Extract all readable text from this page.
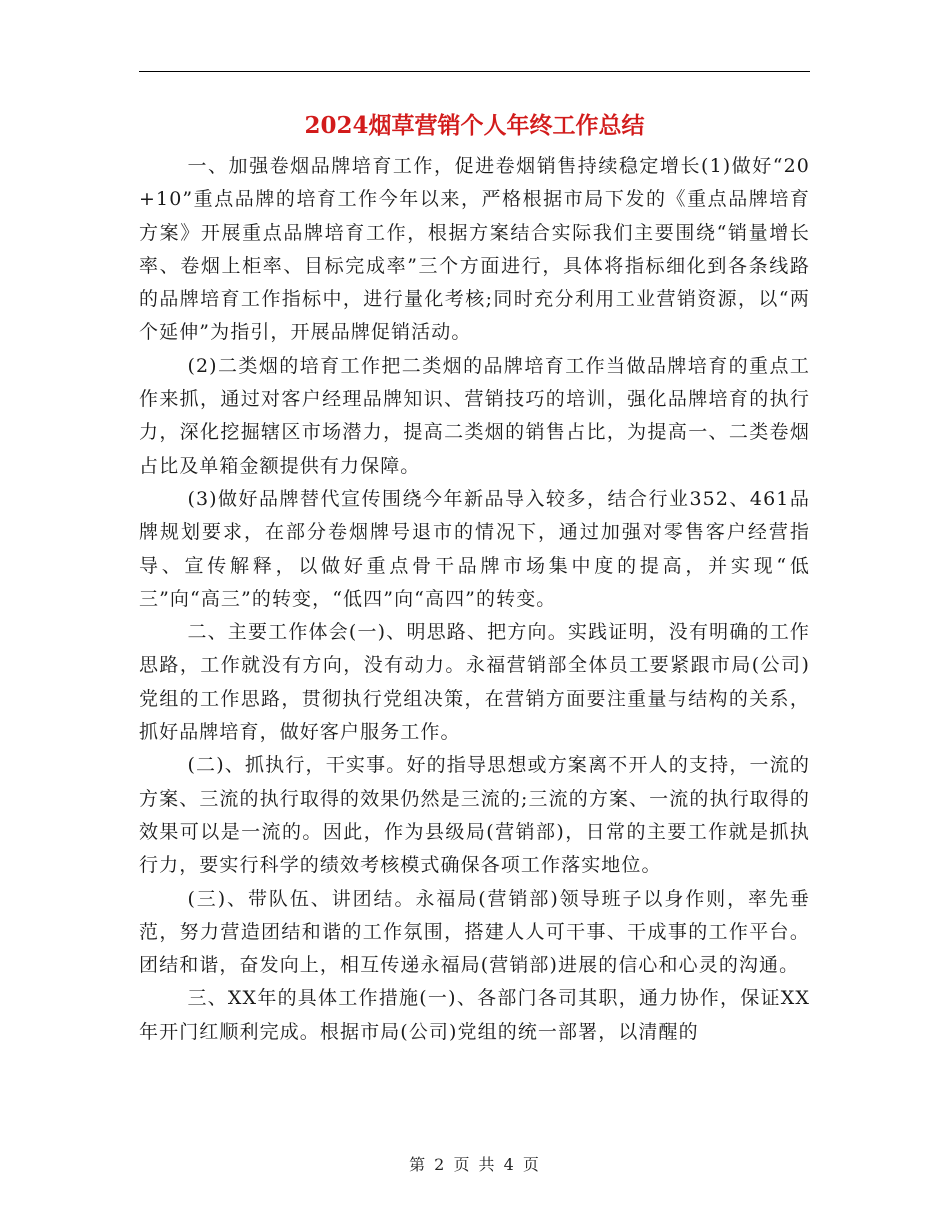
2024烟草营销个人年终工作总结

一、加强卷烟品牌培育工作，促进卷烟销售持续稳定增长(1)做好“20+10”重点品牌的培育工作今年以来，严格根据市局下发的《重点品牌培育方案》开展重点品牌培育工作，根据方案结合实际我们主要围绕“销量增长率、卷烟上柜率、目标完成率”三个方面进行，具体将指标细化到各条线路的品牌培育工作指标中，进行量化考核;同时充分利用工业营销资源，以“两个延伸”为指引，开展品牌促销活动。

(2)二类烟的培育工作把二类烟的品牌培育工作当做品牌培育的重点工作来抓，通过对客户经理品牌知识、营销技巧的培训，强化品牌培育的执行力，深化挖掘辖区市场潜力，提高二类烟的销售占比，为提高一、二类卷烟占比及单箱金额提供有力保障。

(3)做好品牌替代宣传围绕今年新品导入较多，结合行业352、461品牌规划要求，在部分卷烟牌号退市的情况下，通过加强对零售客户经营指导、宣传解释，以做好重点骨干品牌市场集中度的提高，并实现“低三”向“高三”的转变，“低四”向“高四”的转变。

二、主要工作体会(一)、明思路、把方向。实践证明，没有明确的工作思路，工作就没有方向，没有动力。永福营销部全体员工要紧跟市局(公司)党组的工作思路，贯彻执行党组决策，在营销方面要注重量与结构的关系，抓好品牌培育，做好客户服务工作。

(二)、抓执行，干实事。好的指导思想或方案离不开人的支持，一流的方案、三流的执行取得的效果仍然是三流的;三流的方案、一流的执行取得的效果可以是一流的。因此，作为县级局(营销部)，日常的主要工作就是抓执行力，要实行科学的绩效考核模式确保各项工作落实地位。

(三)、带队伍、讲团结。永福局(营销部)领导班子以身作则，率先垂范，努力营造团结和谐的工作氛围，搭建人人可干事、干成事的工作平台。团结和谐，奋发向上，相互传递永福局(营销部)进展的信心和心灵的沟通。

三、XX年的具体工作措施(一)、各部门各司其职，通力协作，保证XX年开门红顺利完成。根据市局(公司)党组的统一部署，以清醒的

第 2 页 共 4 页
